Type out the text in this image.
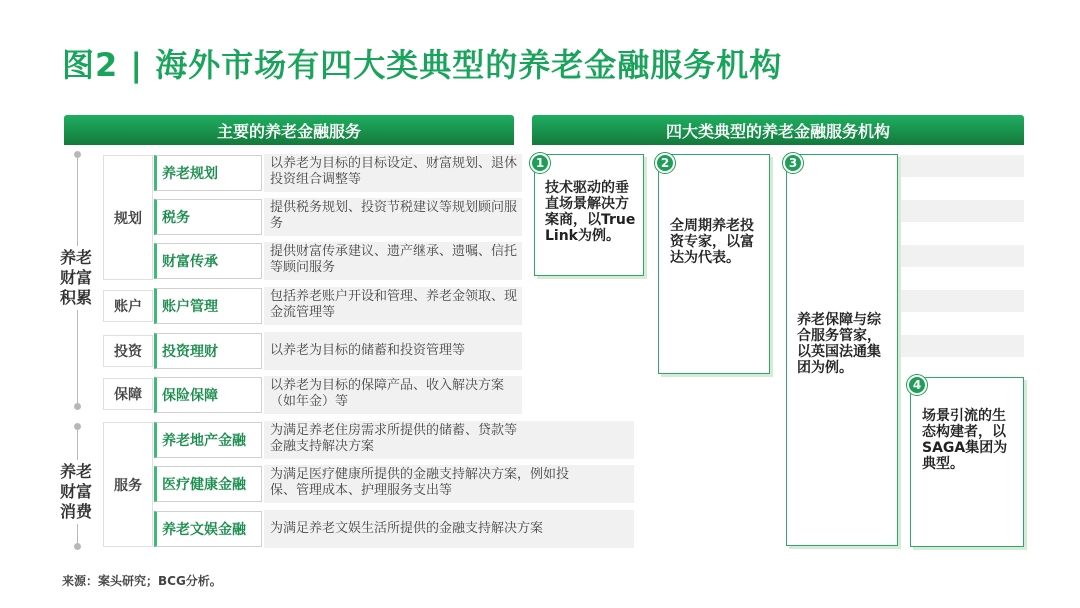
图2 | 海外市场有四大类典型的养老金融服务机构
主要的养老金融服务	四大类典型的养老金融服务机构
养老
财富
积累
养老
财富
消费
规划
账户
投资
保障
服务
养老规划
税务
财富传承
账户管理
投资理财
保险保障
养老地产金融
医疗健康金融
养老文娱金融
以养老为目标的目标设定、财富规划、退休投资组合调整等
提供税务规划、投资节税建议等规划顾问服务
提供财富传承建议、遗产继承、遗嘱、信托等顾问服务
包括养老账户开设和管理、养老金领取、现金流管理等
以养老为目标的储蓄和投资管理等
以养老为目标的保障产品、收入解决方案（如年金）等
为满足养老住房需求所提供的储蓄、贷款等金融支持解决方案
为满足医疗健康所提供的金融支持解决方案，例如投保、管理成本、护理服务支出等
为满足养老文娱生活所提供的金融支持解决方案
1
技术驱动的垂直场景解决方案商，以True Link为例。
2
全周期养老投资专家，以富达为代表。
3
养老保障与综合服务管家，以英国法通集团为例。
4
场景引流的生态构建者，以SAGA集团为典型。
来源：案头研究；BCG分析。
